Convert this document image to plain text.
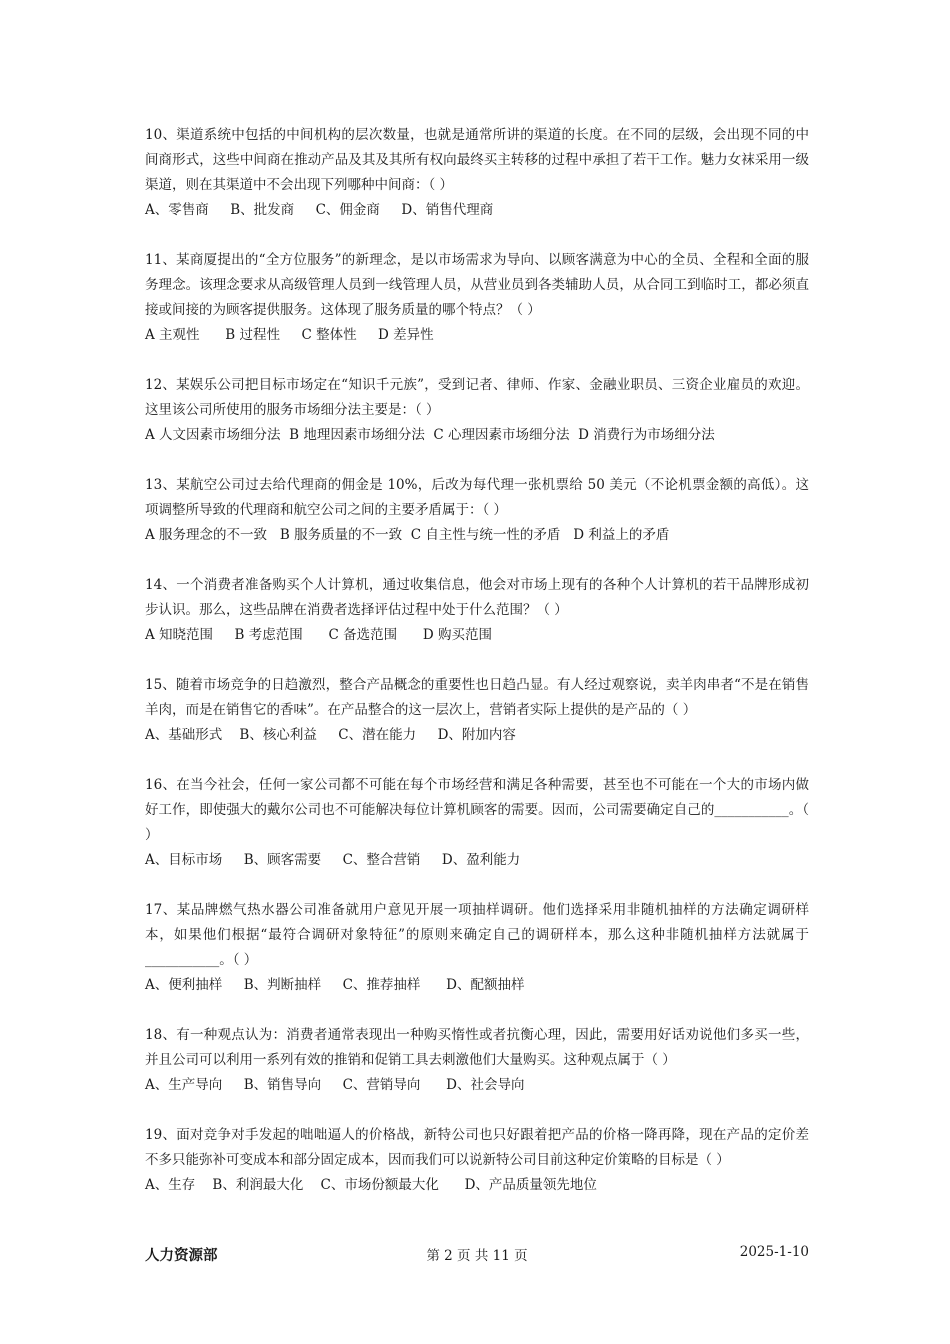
10、渠道系统中包括的中间机构的层次数量，也就是通常所讲的渠道的长度。在不同的层级，会出现不同的中间商形式，这些中间商在推动产品及其及其所有权向最终买主转移的过程中承担了若干工作。魅力女袜采用一级渠道，则在其渠道中不会出现下列哪种中间商：（ ）

A、零售商     B、批发商     C、佣金商     D、销售代理商

11、某商厦提出的“全方位服务”的新理念，是以市场需求为导向、以顾客满意为中心的全员、全程和全面的服务理念。该理念要求从高级管理人员到一线管理人员，从营业员到各类辅助人员，从合同工到临时工，都必须直接或间接的为顾客提供服务。这体现了服务质量的哪个特点？（ ）

A 主观性      B 过程性     C 整体性     D 差异性

12、某娱乐公司把目标市场定在“知识千元族”，受到记者、律师、作家、金融业职员、三资企业雇员的欢迎。这里该公司所使用的服务市场细分法主要是：（ ）

A 人文因素市场细分法  B 地理因素市场细分法  C 心理因素市场细分法  D 消费行为市场细分法

13、某航空公司过去给代理商的佣金是 10%，后改为每代理一张机票给 50 美元（不论机票金额的高低）。这项调整所导致的代理商和航空公司之间的主要矛盾属于：（ ）

A 服务理念的不一致   B 服务质量的不一致  C 自主性与统一性的矛盾   D 利益上的矛盾

14、一个消费者准备购买个人计算机，通过收集信息，他会对市场上现有的各种个人计算机的若干品牌形成初步认识。那么，这些品牌在消费者选择评估过程中处于什么范围？（ ）

A 知晓范围     B 考虑范围      C 备选范围      D 购买范围

15、随着市场竞争的日趋激烈，整合产品概念的重要性也日趋凸显。有人经过观察说，卖羊肉串者“不是在销售羊肉，而是在销售它的香味”。在产品整合的这一层次上，营销者实际上提供的是产品的（ ）

A、基础形式    B、核心利益     C、潜在能力     D、附加内容

16、在当今社会，任何一家公司都不可能在每个市场经营和满足各种需要，甚至也不可能在一个大的市场内做好工作，即使强大的戴尔公司也不可能解决每位计算机顾客的需要。因而，公司需要确定自己的___________。（ ）

A、目标市场     B、顾客需要     C、整合营销     D、盈利能力

17、某品牌燃气热水器公司准备就用户意见开展一项抽样调研。他们选择采用非随机抽样的方法确定调研样本，如果他们根据“最符合调研对象特征”的原则来确定自己的调研样本，那么这种非随机抽样方法就属于___________。（ ）

A、便利抽样     B、判断抽样     C、推荐抽样      D、配额抽样

18、有一种观点认为：消费者通常表现出一种购买惰性或者抗衡心理，因此，需要用好话劝说他们多买一些，并且公司可以利用一系列有效的推销和促销工具去刺激他们大量购买。这种观点属于（ ）

A、生产导向     B、销售导向     C、营销导向      D、社会导向

19、面对竞争对手发起的咄咄逼人的价格战，新特公司也只好跟着把产品的价格一降再降，现在产品的定价差不多只能弥补可变成本和部分固定成本，因而我们可以说新特公司目前这种定价策略的目标是（ ）

A、生存    B、利润最大化    C、市场份额最大化      D、产品质量领先地位

人力资源部	第 2 页 共 11 页	2025-1-10
